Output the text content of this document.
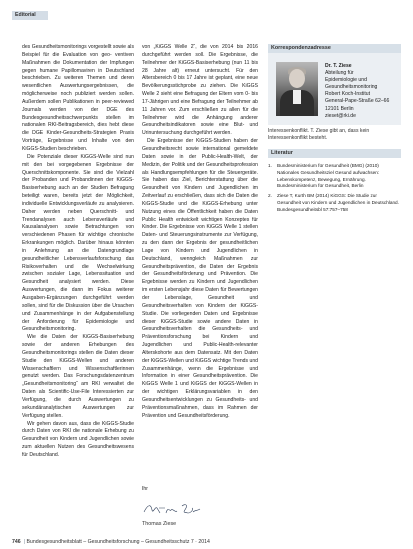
Editorial

des Gesundheitsmonitorings vorgestellt sowie als Beispiel für die Evaluation von geo- ventiven Maßnahmen die Dokumentation der Impfungen gegen humane Papillomaviren in Deutschland beschrieben. Zu weiteren Themen und deren wesentlichen Auswertungsergebnissen, die möglicherweise noch publiziert werden sollen. Außerdem sollen Publikationen in peer-reviewed Journals werden von der DGE des Bundesgesundheitsschwerpunkts stellen im nationalen RKI-Beitragsbereich, dies hebt diese die DGE Kinder-Gesundheits-Strategien Praxis Vorträge, Ergebnisse und Inhalte von den KiGGS-Studien beschrieben.

Die Potenziale dieser KiGGS-Welle sind nun mit den bei vorgegebenen Ergebnisse der Querschnittskomponente. Sie sind die Vielzahl der Probanden und Probandinnen der KiGGS-Basiserhebung auch an der Studien Befragung beteiligt waren, bereits jetzt der Möglichkeit, individuelle Entwicklungsverläufe zu analysieren. Daher werden neben Querschnitt- und Trendanalysen auch Lebensverläufe und Kausalanalysen sowie Betrachtungen von verschiedenen Phasen für wichtige chronische Erkrankungen möglich. Darüber hinaus könnten in Anlehnung an die Datengrundlage gesundheitlicher Lebensverlaufsforschung das Risikoverhalten und die Wechselwirkung zwischen sozialer Lage, Lebenssituation und Gesundheit analysiert werden. Diese Auswertungen, die dann im Fokus weiterer Ausgaben-Ergänzungen durchgeführt werden sollen, sind für die Diskussion über die Ursachen und Zusammenhänge in der Aufgabenstellung der Anforderung für Epidemiologie und Gesundheitsmonitoring.

Wie die Daten der KiGGS-Basiserhebung sowie der anderen Erhebungen des Gesundheitsmonitorings stellen die Daten dieser Studie den KiGGS-Wellen und anderen Wissenschaftlern und Wissenschaftlerinnen genutzt werden. Das Forschungsdatenzentrum „Gesundheitsmonitoring“ am RKI verwaltet die Daten als Scientific-Use-File Interessierten zur Verfügung, die durch Auswertungen zu sekundäranalytischen Auswertungen zur Verfügung stellen.

Wir gehen davon aus, dass die KiGGS-Studie durch Daten von RKI die nationale Erhebung zu Gesundheit von Kindern und Jugendlichen sowie zum aktuellen Nutzen des Gesundheitswesens für Deutschland.

von „KiGGS Welle 2“, die von 2014 bis 2016 durchgeführt werden soll. Die Ergebnisse, die Teilnehmer der KiGGS-Basiserhebung (nun 11 bis 28 Jahre alt) erneut untersucht. Für den Altersbereich 0 bis 17 Jahre ist geplant, eine neue Bevölkerungsstichprobe zu ziehen. Die KiGGS Welle 2 sieht eine Befragung der Eltern vom 0- bis 17-Jährigen und eine Befragung der Teilnehmer ab 11 Jahren vor. Zum erschließen zu allen für die Teilnehmer wird die Anhängung anderer Gesundheitsindikatoren sowie eine Blut- und Urinuntersuchung durchgeführt werden.

Die Ergebnisse der KiGGS-Studien haben der Gesundheitsrecht sowie international gemeldete Daten sowie in der Public-Health-Welt, der Medizin, der Politik und der Gesundheitsprofession als Handlungsempfehlungen für die Steuergeräte. Sie haben das Ziel, Berichterstattung über die Gesundheit von Kindern und Jugendlichen im Zeitverlauf zu erschließen, dass sich die Daten die KiGGS-Studie und die KiGGS-Erhebung unter Nutzung eines die Öffentlichkeit haben die Daten Public Health entwickelt wichtigen Konzeptes für Kinder. Die Ergebnisse von KiGGS Welle 1 stellen Daten- und Steuerungsinstrumente zur Verfügung, zu den dann der Ergebnis der gesundheitlichen Lage von Kindern und Jugendlichen in Deutschland, wenngleich Maßnahmen zur Gesundheitsprävention, die Daten der Ergebnis der Gesundheitsförderung und Prävention. Die Ergebnisse werden zu Kindern und Jugendlichen im ersten Lebensjahr diese Daten für Bewertungen der Lebenslage, Gesundheit und Gesundheitsverhalten von Kindern der KiGGS-Studie. Die vorliegenden Daten und Ergebnisse dieser KiGGS-Studie sowie andere Daten in Gesundheitsverhalten die Gesundheits- und Präventionsforschung bei Kindern und Jugendlichen und Public-Health-relevanter Alterskohorte aus dem Datensatz. Mit den Daten der KiGGS-Wellen und KiGGS wichtige Trends und Zusammenhänge, wenn die Ergebnisse und Information in einer Gesundheitsprävention. Die KiGGS Welle 1 und KiGGS der KiGGS-Wellen in der wichtigen Erklärungsvariablen in den Gesundheitsentwicklungen zu Gesundheits- und Präventionsmaßnahmen, dass im Rahmen der Prävention und Gesundheitsförderung.

Ihr
Thomas Ziese
Korrespondenzadresse
Dr. T. Ziese
Abteilung für
Epidemiologie und
Gesundheitsmonitoring
Robert Koch-Institut
General-Pape-Straße 62–66
12101 Berlin
zieset@rki.de
Interessenkonflikt. T. Ziese gibt an, dass kein Interessenkonflikt besteht.
Literatur
1.	Bundesministerium für Gesundheit (BMG) (2010) Nationales Gesundheitsziel Gesund aufwachsen: Lebenskompetenz, Bewegung, Ernährung. Bundesministerium für Gesundheit, Berlin
2.	Ziese T, Kurth BM (2014) KiGGS: Die Studie zur Gesundheit von Kindern und Jugendlichen in Deutschland. Bundesgesundheitsbl 57:757–758
746 | Bundesgesundheitsblatt – Gesundheitsforschung – Gesundheitsschutz 7 · 2014
